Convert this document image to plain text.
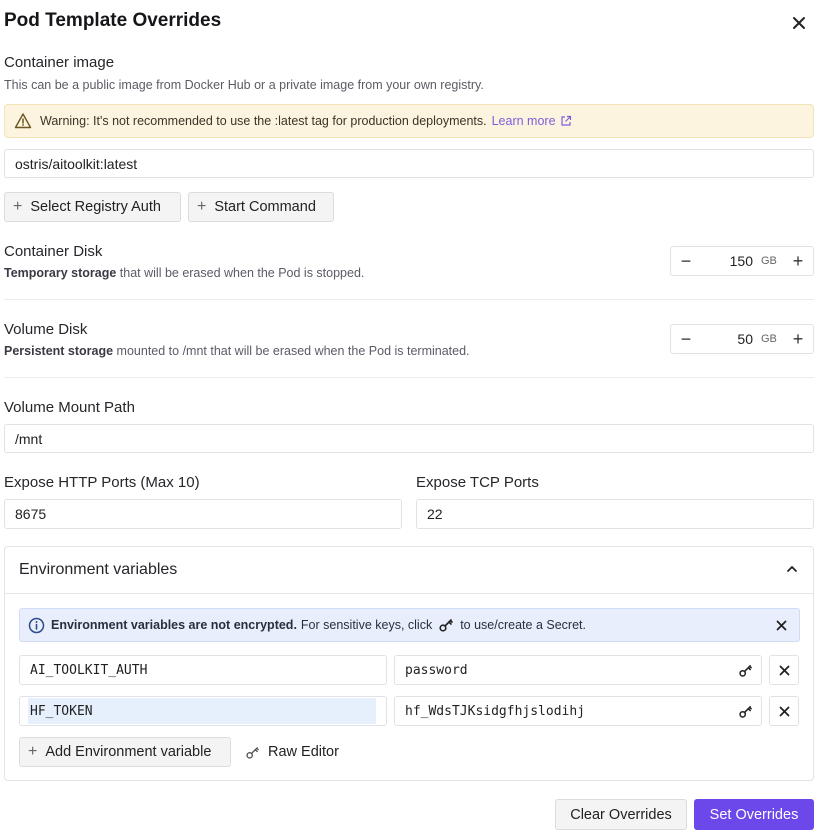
Pod Template Overrides
Container image
This can be a public image from Docker Hub or a private image from your own registry.
Warning: It's not recommended to use the :latest tag for production deployments. Learn more
ostris/aitoolkit:latest
+ Select Registry Auth + Start Command
Container Disk
Temporary storage that will be erased when the Pod is stopped.
−	150 GB +
Volume Disk
Persistent storage mounted to /mnt that will be erased when the Pod is terminated.
−	50 GB +
Volume Mount Path
/mnt
Expose HTTP Ports (Max 10)
8675
Expose TCP Ports
22
Environment variables
Environment variables are not encrypted. For sensitive keys, click to use/create a Secret.
AI_TOOLKIT_AUTH	password
HF_TOKEN	hf_WdsTJKsidgfhjslodihj
+ Add Environment variable	Raw Editor
Clear Overrides	Set Overrides
